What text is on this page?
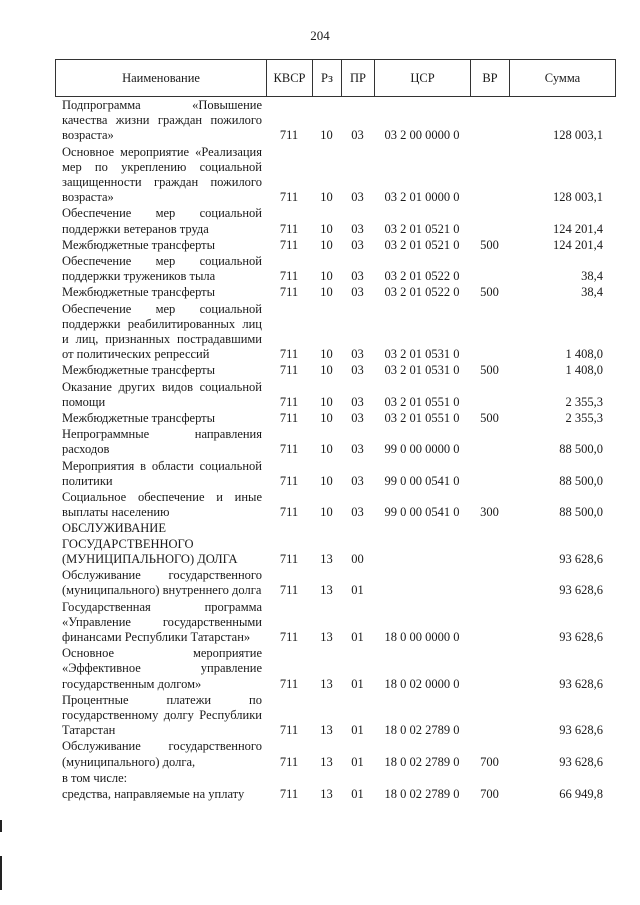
204
Наименование	КВСР	Рз	ПР	ЦСР	ВР	Сумма
Подпрограмма «Повышение качества жизни граждан пожилого возраста»	711	10	03	03 2 00 0000 0		128 003,1
Основное мероприятие «Реализация мер по укреплению социальной защищенности граждан пожилого возраста»	711	10	03	03 2 01 0000 0		128 003,1
Обеспечение мер социальной поддержки ветеранов труда	711	10	03	03 2 01 0521 0		124 201,4
Межбюджетные трансферты	711	10	03	03 2 01 0521 0	500	124 201,4
Обеспечение мер социальной поддержки тружеников тыла	711	10	03	03 2 01 0522 0		38,4
Межбюджетные трансферты	711	10	03	03 2 01 0522 0	500	38,4
Обеспечение мер социальной поддержки реабилитированных лиц и лиц, признанных пострадавшими от политических репрессий	711	10	03	03 2 01 0531 0		1 408,0
Межбюджетные трансферты	711	10	03	03 2 01 0531 0	500	1 408,0
Оказание других видов социальной помощи	711	10	03	03 2 01 0551 0		2 355,3
Межбюджетные трансферты	711	10	03	03 2 01 0551 0	500	2 355,3
Непрограммные направления расходов	711	10	03	99 0 00 0000 0		88 500,0
Мероприятия в области социальной политики	711	10	03	99 0 00 0541 0		88 500,0
Социальное обеспечение и иные выплаты населению	711	10	03	99 0 00 0541 0	300	88 500,0
ОБСЛУЖИВАНИЕ ГОСУДАРСТВЕННОГО (МУНИЦИПАЛЬНОГО) ДОЛГА	711	13	00			93 628,6
Обслуживание государственного (муниципального) внутреннего долга	711	13	01			93 628,6
Государственная программа «Управление государственными финансами Республики Татарстан»	711	13	01	18 0 00 0000 0		93 628,6
Основное мероприятие «Эффективное управление государственным долгом»	711	13	01	18 0 02 0000 0		93 628,6
Процентные платежи по государственному долгу Республики Татарстан	711	13	01	18 0 02 2789 0		93 628,6
Обслуживание государственного (муниципального) долга,	711	13	01	18 0 02 2789 0	700	93 628,6
в том числе:						
средства, направляемые на уплату	711	13	01	18 0 02 2789 0	700	66 949,8
